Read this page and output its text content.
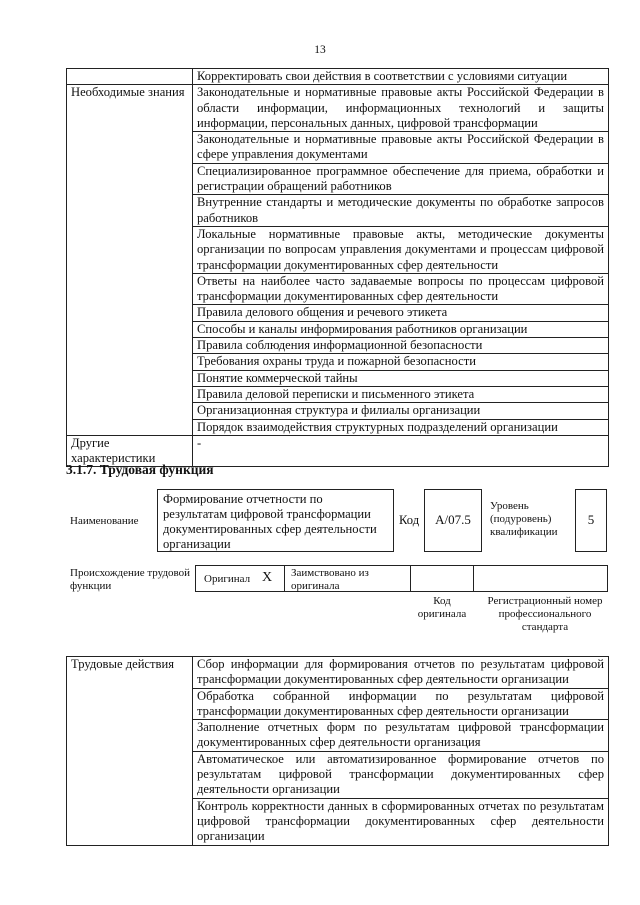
13
	Корректировать свои действия в соответствии с условиями ситуации
Необходимые знания	Законодательные и нормативные правовые акты Российской Федерации в области информации, информационных технологий и защиты информации, персональных данных, цифровой трансформации
	Законодательные и нормативные правовые акты Российской Федерации в сфере управления документами
	Специализированное программное обеспечение для приема, обработки и регистрации обращений работников
	Внутренние стандарты и методические документы по обработке запросов работников
	Локальные нормативные правовые акты, методические документы организации по вопросам управления документами и процессам цифровой трансформации документированных сфер деятельности
	Ответы на наиболее часто задаваемые вопросы по процессам цифровой трансформации документированных сфер деятельности
	Правила делового общения и речевого этикета
	Способы и каналы информирования работников организации
	Правила соблюдения информационной безопасности
	Требования охраны труда и пожарной безопасности
	Понятие коммерческой тайны
	Правила деловой переписки и письменного этикета
	Организационная структура и филиалы организации
	Порядок взаимодействия структурных подразделений организации
Другие характеристики	-
3.1.7. Трудовая функция
Наименование
Формирование отчетности по результатам цифровой трансформации документированных сфер деятельности организации
Код	А/07.5
Уровень (подуровень) квалификации
5
Происхождение трудовой функции
Оригинал X	Заимствовано из оригинала
Код оригинала
Регистрационный номер профессионального стандарта
Трудовые действия	Сбор информации для формирования отчетов по результатам цифровой трансформации документированных сфер деятельности организации
Обработка собранной информации по результатам цифровой трансформации документированных сфер деятельности организации
Заполнение отчетных форм по результатам цифровой трансформации документированных сфер деятельности организация
Автоматическое или автоматизированное формирование отчетов по результатам цифровой трансформации документированных сфер деятельности организации
Контроль корректности данных в сформированных отчетах по результатам цифровой трансформации документированных сфер деятельности организации
